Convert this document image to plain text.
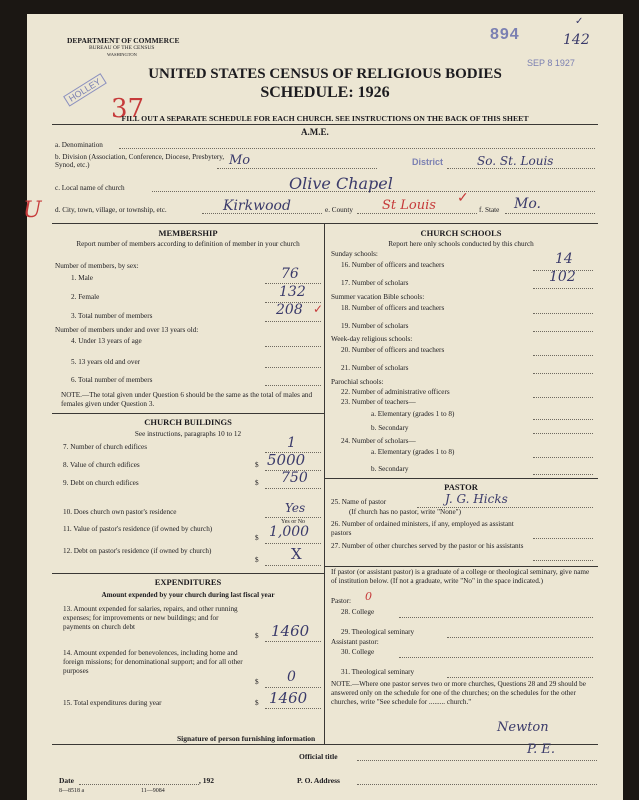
DEPARTMENT OF COMMERCE
BUREAU OF THE CENSUS
WASHINGTON
894
SEP 8 1927
142
✓
HOLLEY
37
UNITED STATES CENSUS OF RELIGIOUS BODIES
SCHEDULE: 1926
FILL OUT A SEPARATE SCHEDULE FOR EACH CHURCH. SEE INSTRUCTIONS ON THE BACK OF THIS SHEET
A.M.E.
a. Denomination
b. Division (Association, Conference, Diocese, Presbytery, Synod, etc.)	Mo	District	So. St. Louis
c. Local name of church	Olive Chapel
U d. City, town, village, or township, etc.	Kirkwood	e. County St Louis ✓
f. State Mo.
MEMBERSHIP
Report number of members according to definition of member in your church
Number of members, by sex:
1. Male	76
2. Female	132
3. Total number of members	208 ✓
Number of members under and over 13 years old:
4. Under 13 years of age
5. 13 years old and over
6. Total number of members
NOTE.—The total given under Question 6 should be the same as the total of males and females given under Question 3.
CHURCH BUILDINGS
See instructions, paragraphs 10 to 12
7. Number of church edifices	1
8. Value of church edifices	$ 5000
9. Debt on church edifices	$ 750
10. Does church own pastor's residence	Yes
Yes or No
11. Value of pastor's residence (if owned by church)
$ 1,000
12. Debt on pastor's residence (if owned by church)
$ X
EXPENDITURES
Amount expended by your church during last fiscal year
13. Amount expended for salaries, repairs, and other running expenses; for improvements or new buildings; and for payments on church debt
$ 1460
14. Amount expended for benevolences, including home and foreign missions; for denominational support; and for all other purposes
$ 0
15. Total expenditures during year	$ 1460
CHURCH SCHOOLS
Report here only schools conducted by this church
Sunday schools:
16. Number of officers and teachers	14
17. Number of scholars	102
Summer vacation Bible schools:
18. Number of officers and teachers
19. Number of scholars
Week-day religious schools:
20. Number of officers and teachers
21. Number of scholars
Parochial schools:
22. Number of administrative officers
23. Number of teachers—
a. Elementary (grades 1 to 8)
b. Secondary
24. Number of scholars—
a. Elementary (grades 1 to 8)
b. Secondary
PASTOR
25. Name of pastor	J. G. Hicks
(If church has no pastor, write "None")
26. Number of ordained ministers, if any, employed as assistant pastors
27. Number of other churches served by the pastor or his assistants
If pastor (or assistant pastor) is a graduate of a college or theological seminary, give name of institution below. (If not a graduate, write "No" in the space indicated.)
Pastor:	0
28. College
29. Theological seminary
Assistant pastor:
30. College
31. Theological seminary
NOTE.—Where one pastor serves two or more churches, Questions 28 and 29 should be answered only on the schedule for one of the churches; on the schedules for the other churches, write "See schedule for ......... church."
Signature of person furnishing information
Newton
Official title	P. E.
Date	, 192	P. O. Address
8—8518 a	11—9084
